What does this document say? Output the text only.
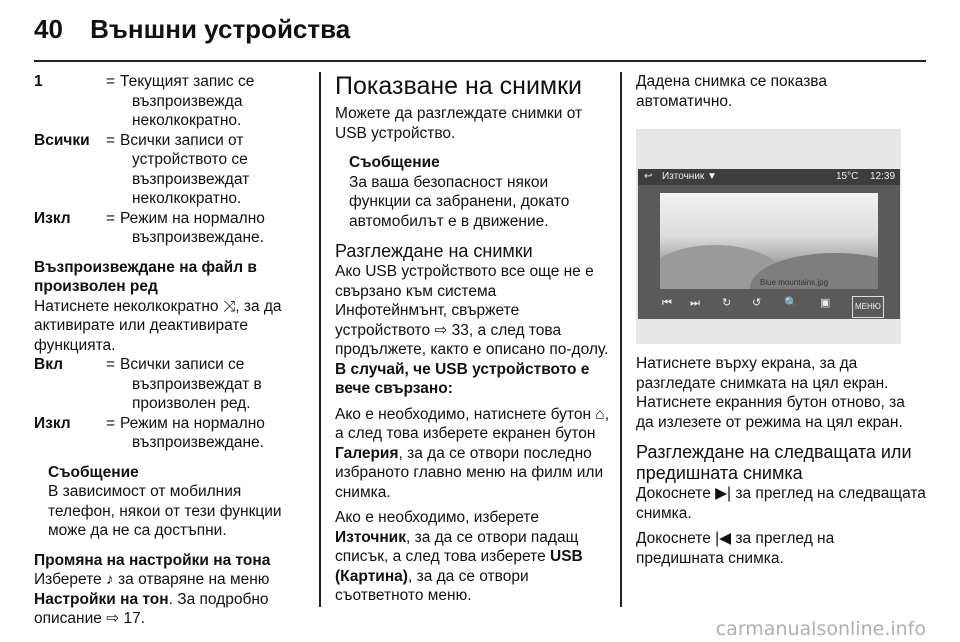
40 Външни устройства
1	= Текущият запис се
възпроизвежда неколкократно.
Всички	= Всички записи от
устройството се възпроизвеждат неколкократно.
Изкл	= Режим на нормално
възпроизвеждане.
Възпроизвеждане на файл в произволен ред
Натиснете неколкократно ⤨, за да активирате или деактивирате функцията.
Вкл	= Всички записи се
възпроизвеждат в произволен ред.
Изкл	= Режим на нормално
възпроизвеждане.
Съобщение
В зависимост от мобилния телефон, някои от тези функции може да не са достъпни.
Промяна на настройки на тона
Изберете ♪ за отваряне на меню Настройки на тон. За подробно описание ⇨ 17.
Показване на снимки
Можете да разглеждате снимки от USB устройство.
Съобщение
За ваша безопасност някои функции са забранени, докато автомобилът е в движение.
Разглеждане на снимки
Ако USB устройството все още не е свързано към система Инфотейнмънт, свържете устройството ⇨ 33, а след това продължете, както е описано по-долу.
В случай, че USB устройството е вече свързано:
Ако е необходимо, натиснете бутон ⌂, а след това изберете екранен бутон Галерия, за да се отвори последно избраното главно меню на филм или снимка.
Ако е необходимо, изберете Източник, за да се отвори падащ списък, а след това изберете USB (Картина), за да се отвори съответното меню.
Дадена снимка се показва автоматично.
↩ Източник ▼	15°C 12:39
Blue mountains.jpg
⏮ ⏭ ↻ ↺ 🔍 ▣	МЕНЮ
Натиснете върху екрана, за да разгледате снимката на цял екран. Натиснете екранния бутон отново, за да излезете от режима на цял екран.
Разглеждане на следващата или предишната снимка
Докоснете ▶| за преглед на следващата снимка.
Докоснете |◀ за преглед на предишната снимка.
carmanualsonline.info
